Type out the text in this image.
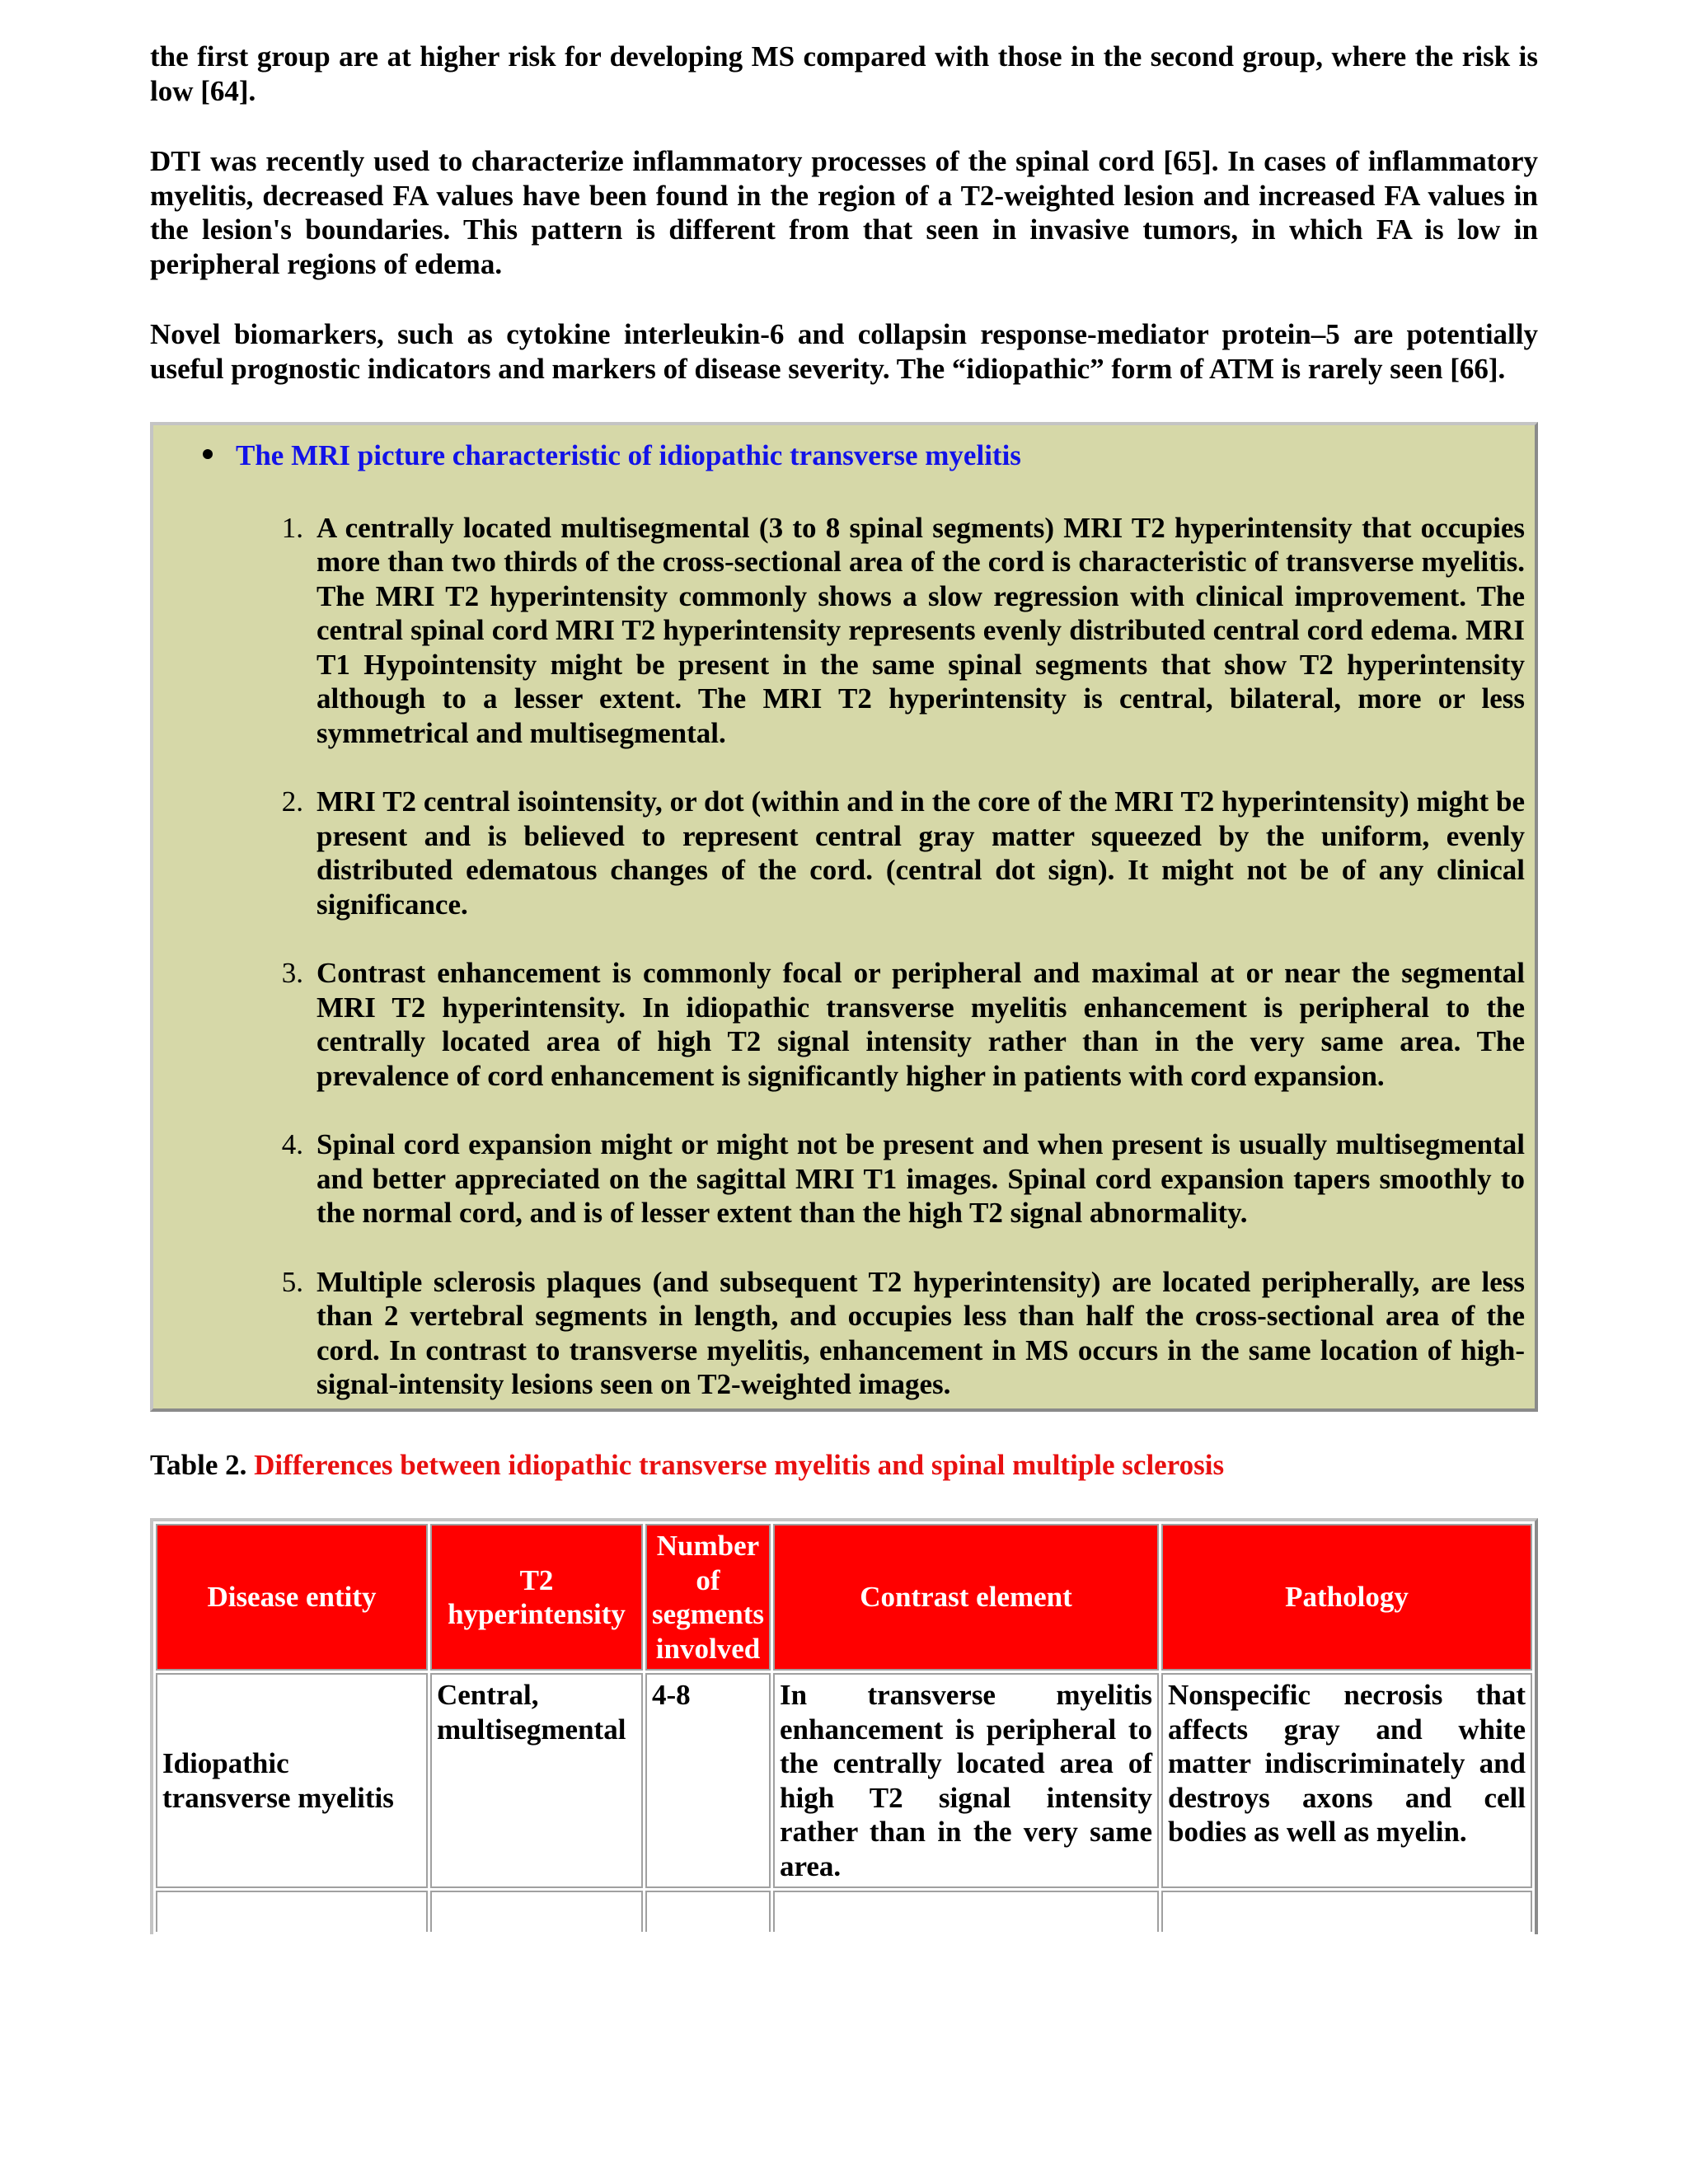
the first group are at higher risk for developing MS compared with those in the second group, where the risk is low [64].

DTI was recently used to characterize inflammatory processes of the spinal cord [65]. In cases of inflammatory myelitis, decreased FA values have been found in the region of a T2-weighted lesion and increased FA values in the lesion's boundaries. This pattern is different from that seen in invasive tumors, in which FA is low in peripheral regions of edema.

Novel biomarkers, such as cytokine interleukin-6 and collapsin response-mediator protein–5 are potentially useful prognostic indicators and markers of disease severity. The “idiopathic” form of ATM is rarely seen [66].

The MRI picture characteristic of idiopathic transverse myelitis
1. A centrally located multisegmental (3 to 8 spinal segments) MRI T2 hyperintensity that occupies more than two thirds of the cross-sectional area of the cord is characteristic of transverse myelitis. The MRI T2 hyperintensity commonly shows a slow regression with clinical improvement. The central spinal cord MRI T2 hyperintensity represents evenly distributed central cord edema. MRI T1 Hypointensity might be present in the same spinal segments that show T2 hyperintensity although to a lesser extent. The MRI T2 hyperintensity is central, bilateral, more or less symmetrical and multisegmental.
2. MRI T2 central isointensity, or dot (within and in the core of the MRI T2 hyperintensity) might be present and is believed to represent central gray matter squeezed by the uniform, evenly distributed edematous changes of the cord. (central dot sign). It might not be of any clinical significance.
3. Contrast enhancement is commonly focal or peripheral and maximal at or near the segmental MRI T2 hyperintensity. In idiopathic transverse myelitis enhancement is peripheral to the centrally located area of high T2 signal intensity rather than in the very same area. The prevalence of cord enhancement is significantly higher in patients with cord expansion.
4. Spinal cord expansion might or might not be present and when present is usually multisegmental and better appreciated on the sagittal MRI T1 images. Spinal cord expansion tapers smoothly to the normal cord, and is of lesser extent than the high T2 signal abnormality.
5. Multiple sclerosis plaques (and subsequent T2 hyperintensity) are located peripherally, are less than 2 vertebral segments in length, and occupies less than half the cross-sectional area of the cord. In contrast to transverse myelitis, enhancement in MS occurs in the same location of high-signal-intensity lesions seen on T2-weighted images.
Table 2. Differences between idiopathic transverse myelitis and spinal multiple sclerosis
Disease entity	T2 hyperintensity	Number of segments involved	Contrast element	Pathology
Idiopathic transverse myelitis	Central, multisegmental	4-8	In transverse myelitis enhancement is peripheral to the centrally located area of high T2 signal intensity rather than in the very same area.	Nonspecific necrosis that affects gray and white matter indiscriminately and destroys axons and cell bodies as well as myelin.
